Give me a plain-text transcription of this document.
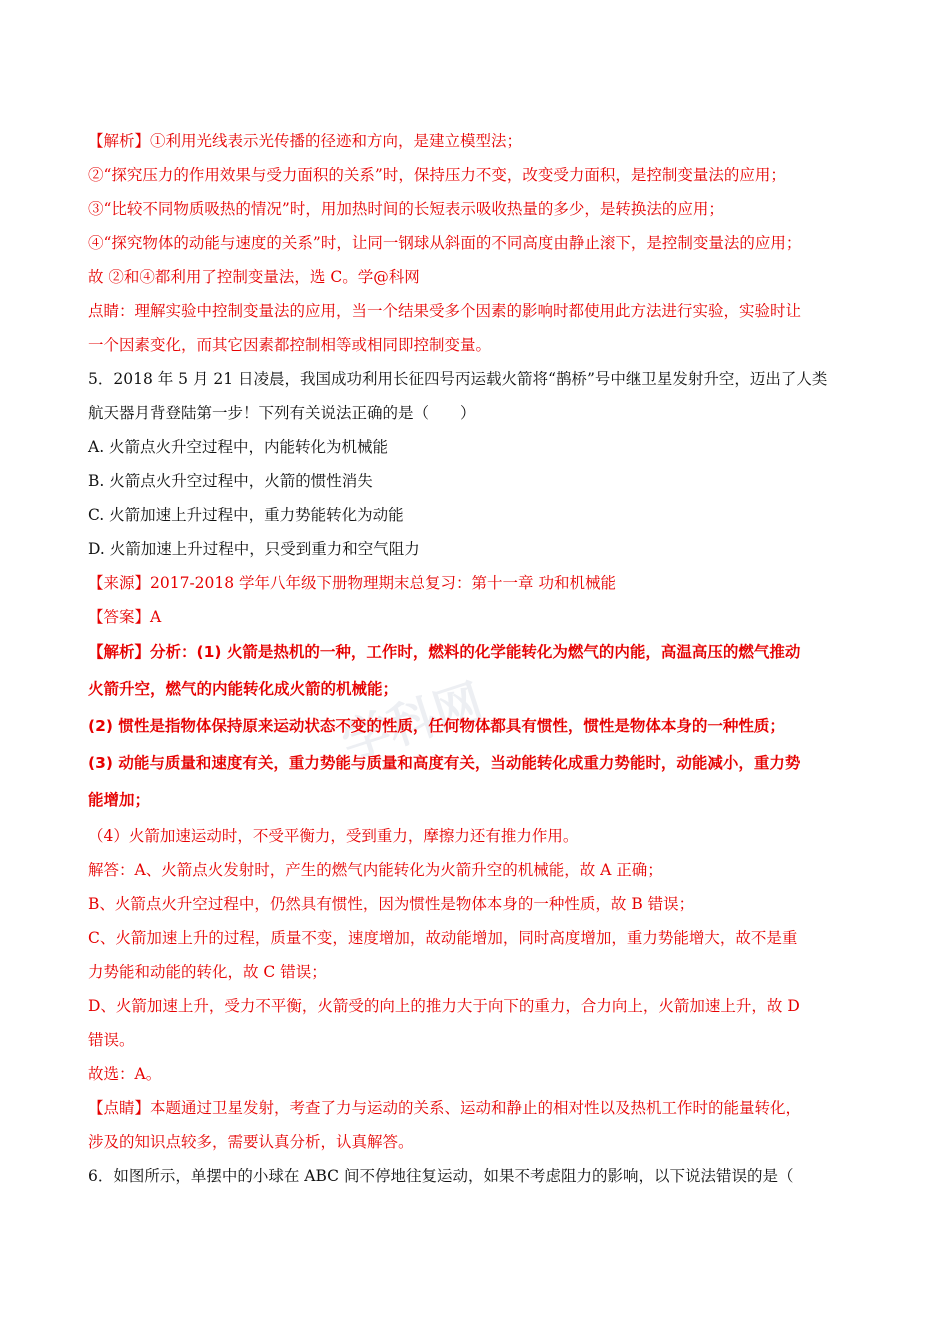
学科网
【解析】①利用光线表示光传播的径迹和方向，是建立模型法；
②“探究压力的作用效果与受力面积的关系”时，保持压力不变，改变受力面积，是控制变量法的应用；
③“比较不同物质吸热的情况”时，用加热时间的长短表示吸收热量的多少，是转换法的应用；
④“探究物体的动能与速度的关系”时，让同一钢球从斜面的不同高度由静止滚下，是控制变量法的应用；
故 ②和④都利用了控制变量法，选 C。学@科网
点睛：理解实验中控制变量法的应用，当一个结果受多个因素的影响时都使用此方法进行实验，实验时让
一个因素变化，而其它因素都控制相等或相同即控制变量。
5．2018 年 5 月 21 日凌晨，我国成功利用长征四号丙运载火箭将“鹊桥”号中继卫星发射升空，迈出了人类
航天器月背登陆第一步！下列有关说法正确的是（　　）
A. 火箭点火升空过程中，内能转化为机械能
B. 火箭点火升空过程中，火箭的惯性消失
C. 火箭加速上升过程中，重力势能转化为动能
D. 火箭加速上升过程中，只受到重力和空气阻力
【来源】2017-2018 学年八年级下册物理期末总复习：第十一章 功和机械能
【答案】A
【解析】分析：(1) 火箭是热机的一种，工作时，燃料的化学能转化为燃气的内能，高温高压的燃气推动
火箭升空，燃气的内能转化成火箭的机械能；
(2) 惯性是指物体保持原来运动状态不变的性质，任何物体都具有惯性，惯性是物体本身的一种性质；
(3) 动能与质量和速度有关，重力势能与质量和高度有关，当动能转化成重力势能时，动能减小，重力势
能增加；
（4）火箭加速运动时，不受平衡力，受到重力，摩擦力还有推力作用。
解答：A、火箭点火发射时，产生的燃气内能转化为火箭升空的机械能，故 A 正确；
B、火箭点火升空过程中，仍然具有惯性，因为惯性是物体本身的一种性质，故 B 错误；
C、火箭加速上升的过程，质量不变，速度增加，故动能增加，同时高度增加，重力势能增大，故不是重
力势能和动能的转化，故 C 错误；
D、火箭加速上升，受力不平衡，火箭受的向上的推力大于向下的重力，合力向上，火箭加速上升，故 D
错误。
故选：A。
【点睛】本题通过卫星发射，考查了力与运动的关系、运动和静止的相对性以及热机工作时的能量转化，
涉及的知识点较多，需要认真分析，认真解答。
6．如图所示，单摆中的小球在 ABC 间不停地往复运动，如果不考虑阻力的影响，以下说法错误的是（
